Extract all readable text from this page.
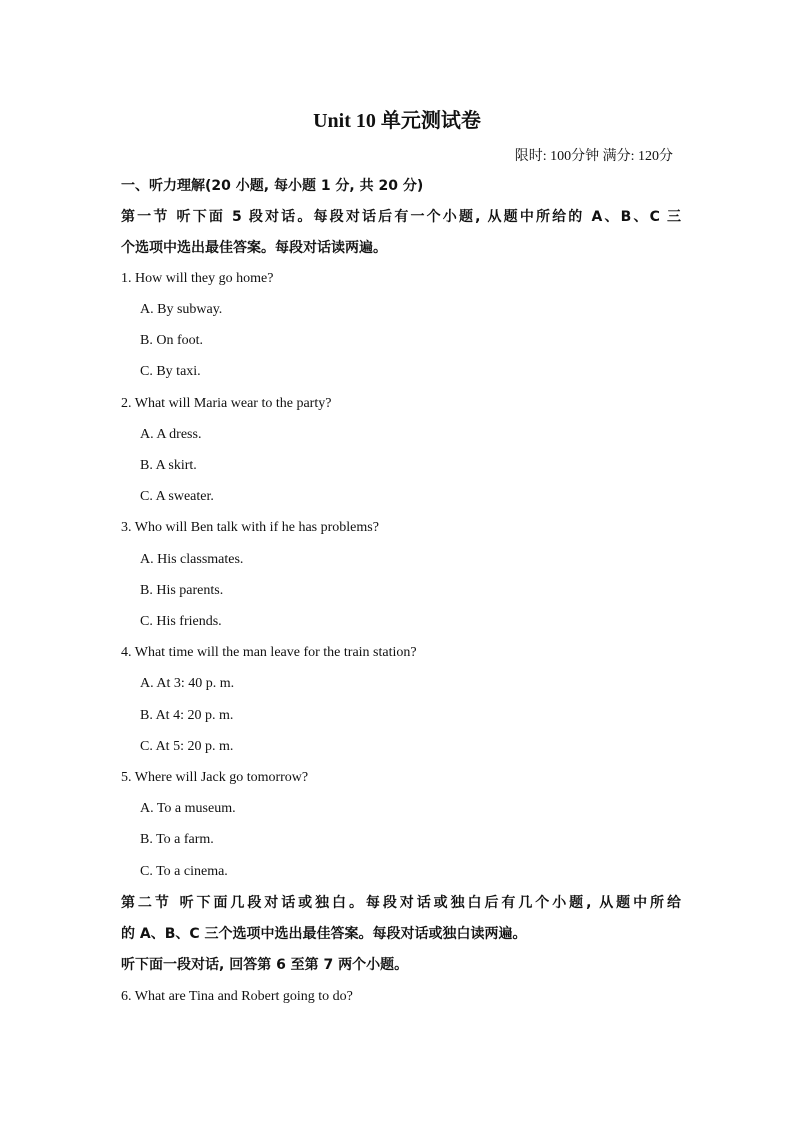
Unit 10 单元测试卷
限时: 100分钟 满分: 120分
一、听力理解(20 小题, 每小题 1 分, 共 20 分)
第一节 听下面 5 段对话。每段对话后有一个小题, 从题中所给的 A、B、C 三
个选项中选出最佳答案。每段对话读两遍。
1. How will they go home?
A. By subway.
B. On foot.
C. By taxi.
2. What will Maria wear to the party?
A. A dress.
B. A skirt.
C. A sweater.
3. Who will Ben talk with if he has problems?
A. His classmates.
B. His parents.
C. His friends.
4. What time will the man leave for the train station?
A. At 3: 40 p. m.
B. At 4: 20 p. m.
C. At 5: 20 p. m.
5. Where will Jack go tomorrow?
A. To a museum.
B. To a farm.
C. To a cinema.
第二节 听下面几段对话或独白。每段对话或独白后有几个小题, 从题中所给
的 A、B、C 三个选项中选出最佳答案。每段对话或独白读两遍。
听下面一段对话, 回答第 6 至第 7 两个小题。
6. What are Tina and Robert going to do?
